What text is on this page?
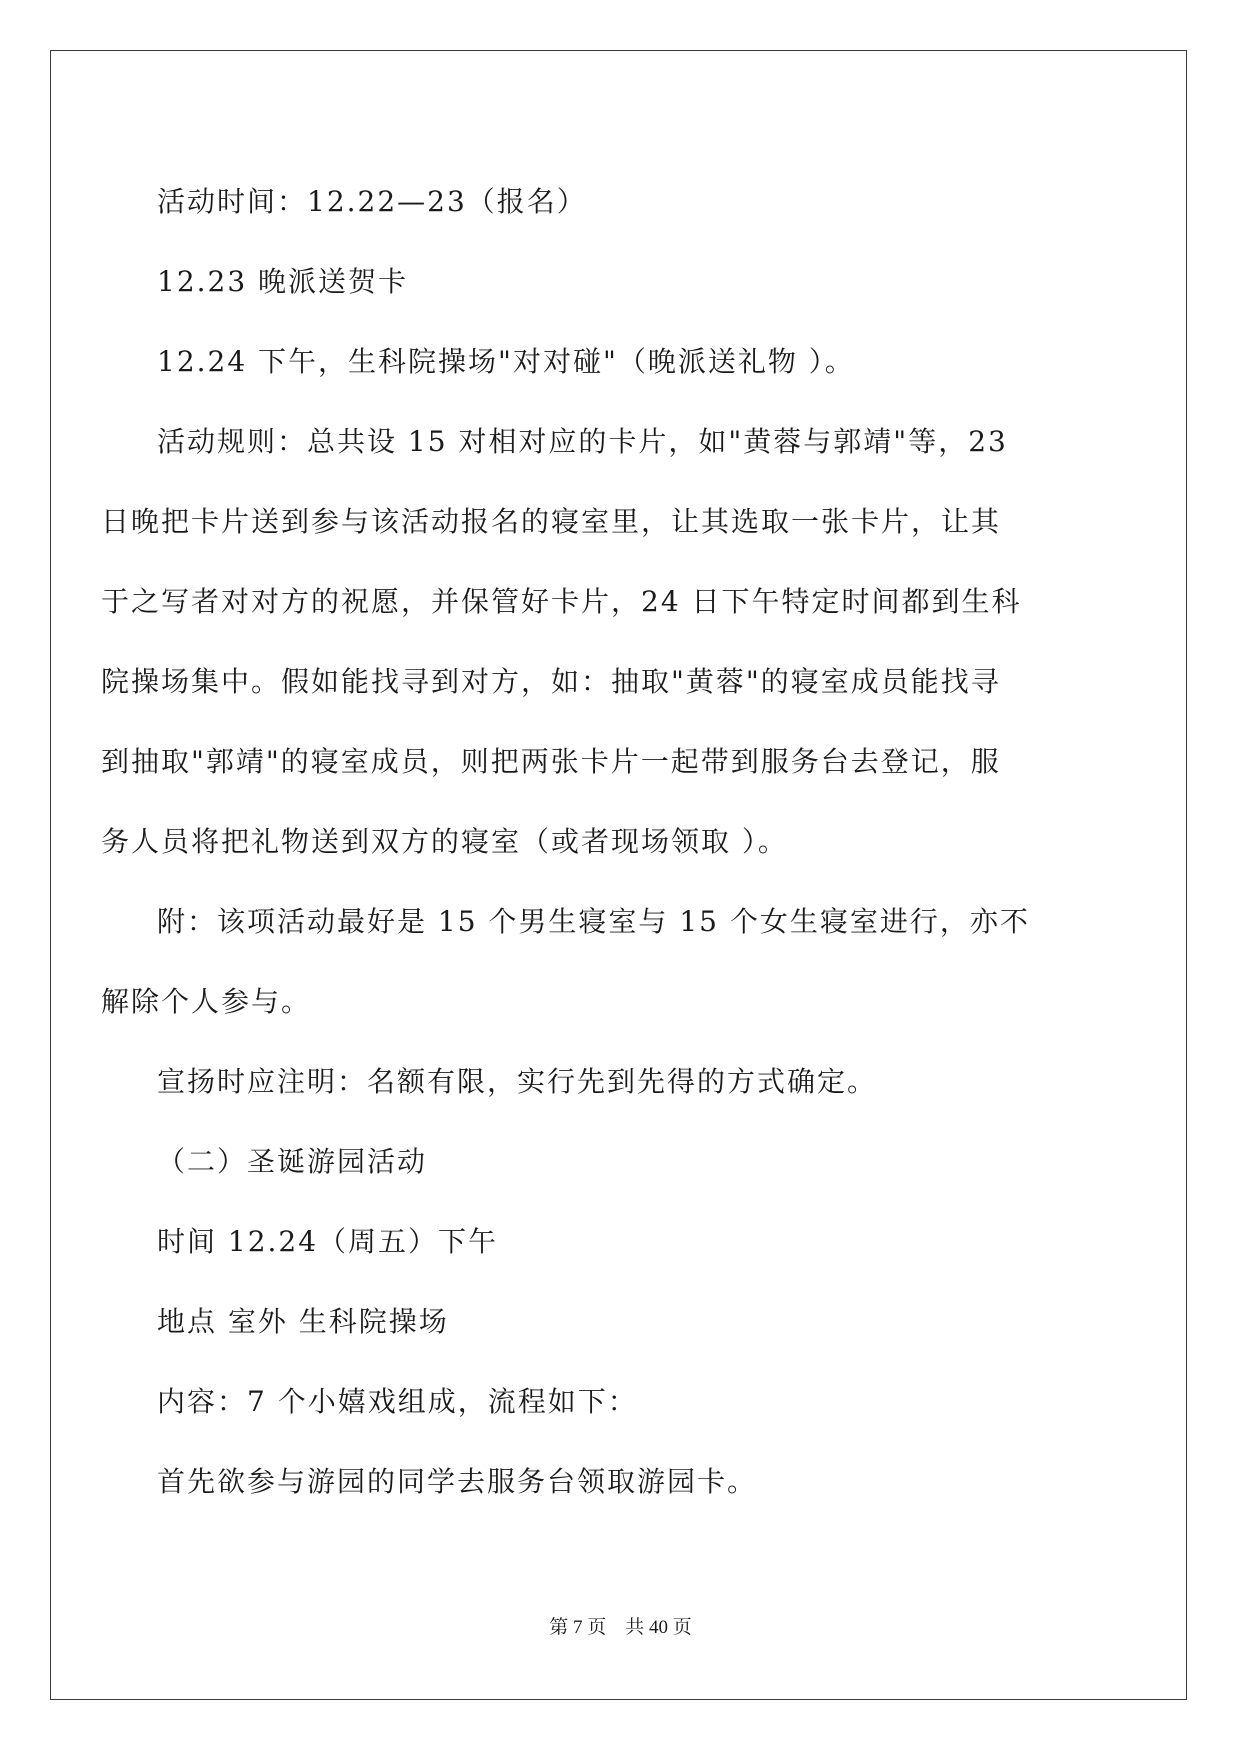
活动时间：12.22—23（报名）
12.23 晚派送贺卡
12.24 下午，生科院操场"对对碰"（晚派送礼物 ）。
活动规则：总共设 15 对相对应的卡片，如"黄蓉与郭靖"等，23
日晚把卡片送到参与该活动报名的寝室里，让其选取一张卡片，让其
于之写者对对方的祝愿，并保管好卡片，24 日下午特定时间都到生科
院操场集中。假如能找寻到对方，如：抽取"黄蓉"的寝室成员能找寻
到抽取"郭靖"的寝室成员，则把两张卡片一起带到服务台去登记，服
务人员将把礼物送到双方的寝室（或者现场领取 ）。
附：该项活动最好是 15 个男生寝室与 15 个女生寝室进行，亦不
解除个人参与。
宣扬时应注明：名额有限，实行先到先得的方式确定。
（二）圣诞游园活动
时间 12.24（周五）下午
地点 室外 生科院操场
内容：7 个小嬉戏组成，流程如下：
首先欲参与游园的同学去服务台领取游园卡。
第 7 页　共 40 页
